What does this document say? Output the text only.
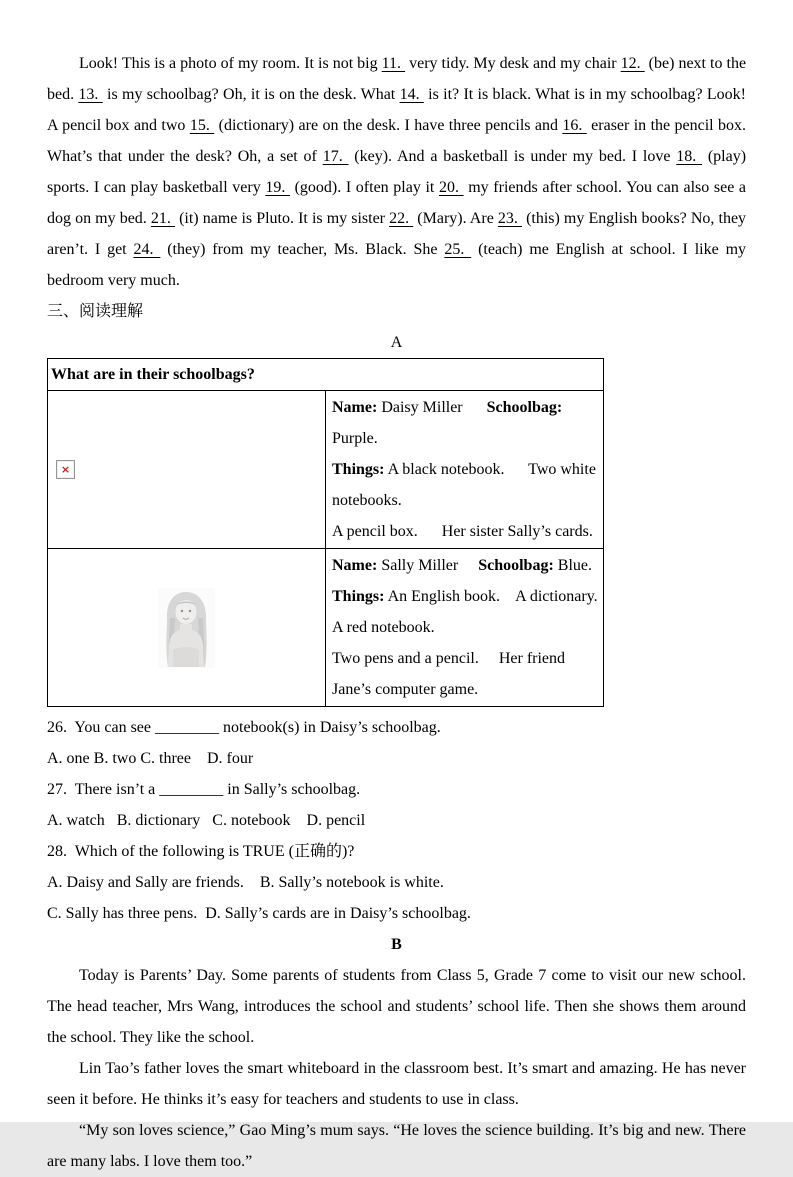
Look! This is a photo of my room. It is not big 11.  very tidy. My desk and my chair 12.  (be) next to the bed. 13.  is my schoolbag? Oh, it is on the desk. What 14.  is it? It is black. What is in my schoolbag? Look! A pencil box and two 15.  (dictionary) are on the desk. I have three pencils and 16.  eraser in the pencil box. What’s that under the desk? Oh, a set of 17.  (key). And a basketball is under my bed. I love 18.  (play) sports. I can play basketball very 19.  (good). I often play it 20.  my friends after school. You can also see a dog on my bed. 21.  (it) name is Pluto. It is my sister 22.  (Mary). Are 23.  (this) my English books? No, they aren’t. I get 24.  (they) from my teacher, Ms. Black. She 25.  (teach) me English at school. I like my bedroom very much.

三、阅读理解
A
What are in their schoolbags?	

×	Name: Daisy Miller      Schoolbag: Purple.
Things: A black notebook.      Two white notebooks.
A pencil box.      Her sister Sally’s cards.

Name: Sally Miller     Schoolbag: Blue.
Things: An English book.    A dictionary.     A red notebook.
Two pens and a pencil.     Her friend Jane’s computer game.
26.  You can see ________ notebook(s) in Daisy’s schoolbag.
A. one B. two C. three    D. four
27.  There isn’t a ________ in Sally’s schoolbag.
A. watch   B. dictionary   C. notebook    D. pencil
28.  Which of the following is TRUE (正确的)?
A. Daisy and Sally are friends.    B. Sally’s notebook is white.
C. Sally has three pens.  D. Sally’s cards are in Daisy’s schoolbag.
B

Today is Parents’ Day. Some parents of students from Class 5, Grade 7 come to visit our new school. The head teacher, Mrs Wang, introduces the school and students’ school life. Then she shows them around the school. They like the school.

Lin Tao’s father loves the smart whiteboard in the classroom best. It’s smart and amazing. He has never seen it before. He thinks it’s easy for teachers and students to use in class.

“My son loves science,” Gao Ming’s mum says. “He loves the science building. It’s big and new. There are many labs. I love them too.”
